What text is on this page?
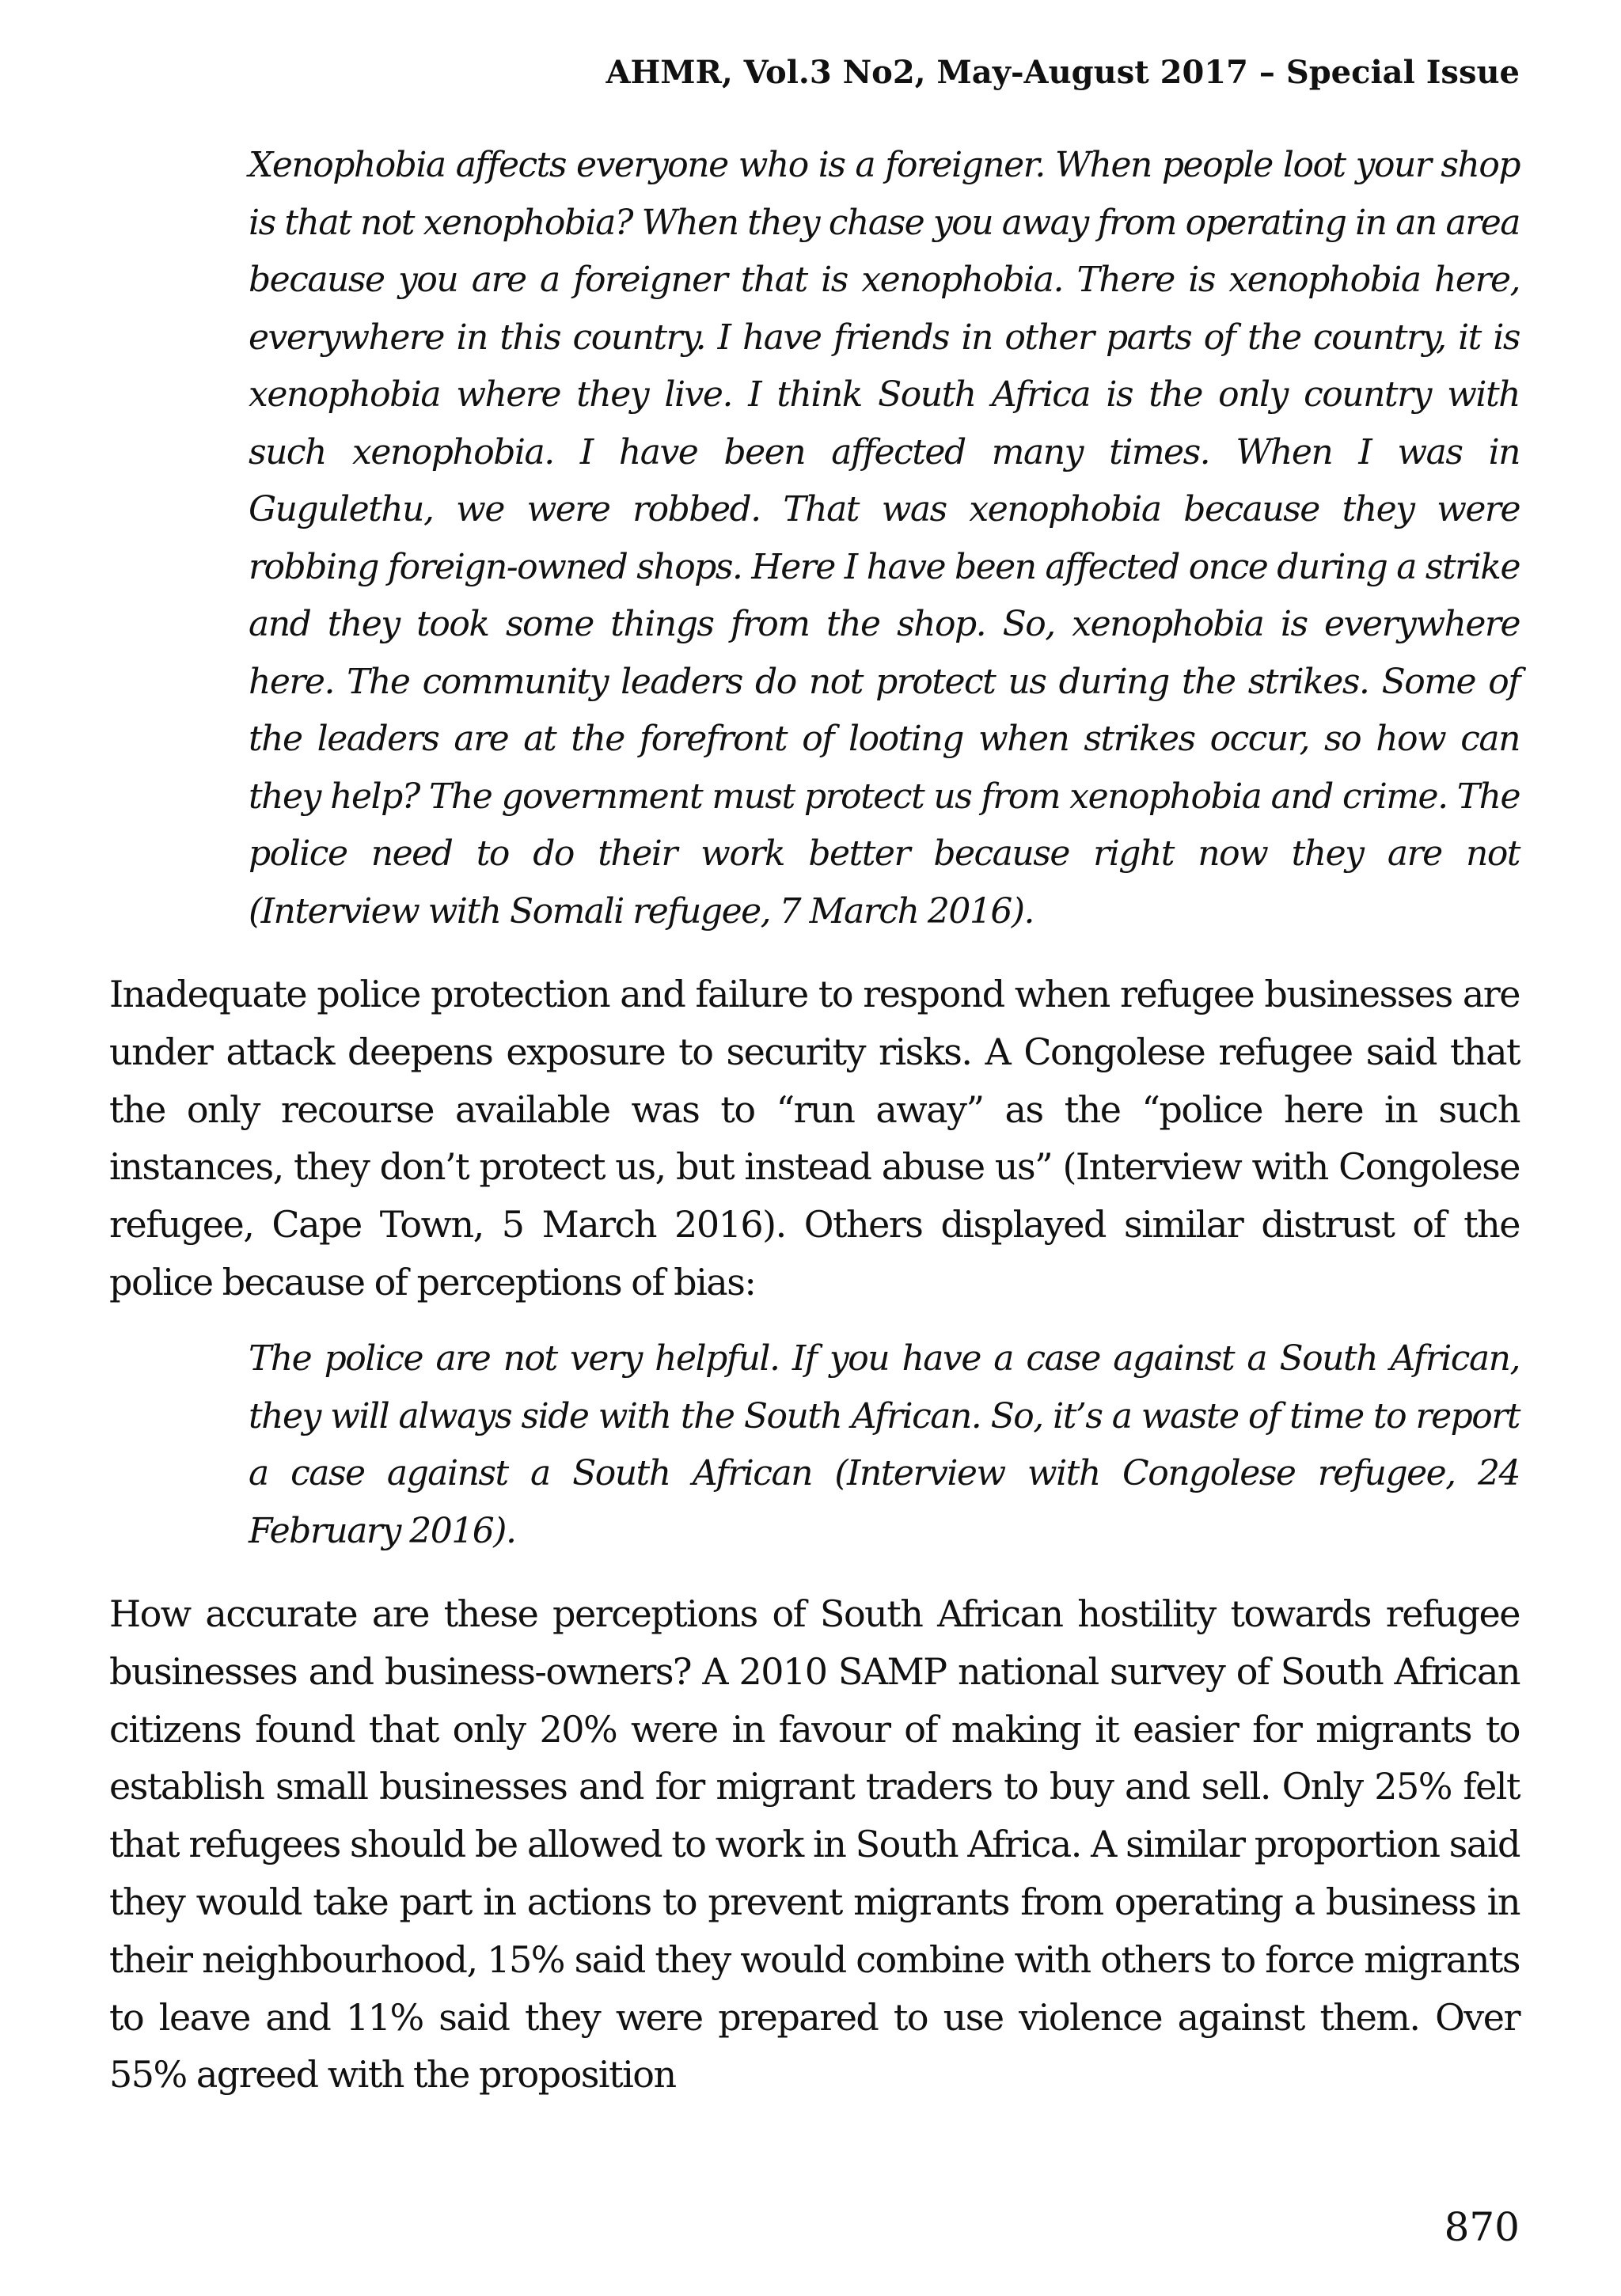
AHMR, Vol.3 No2, May-August 2017 – Special Issue

Xenophobia affects everyone who is a foreigner. When people loot your shop is that not xenophobia? When they chase you away from operating in an area because you are a foreigner that is xenophobia. There is xenophobia here, everywhere in this country. I have friends in other parts of the country, it is xenophobia where they live. I think South Africa is the only country with such xenophobia. I have been affected many times. When I was in Gugulethu, we were robbed. That was xenophobia because they were robbing foreign-owned shops. Here I have been affected once during a strike and they took some things from the shop. So, xenophobia is everywhere here. The community leaders do not protect us during the strikes. Some of the leaders are at the forefront of looting when strikes occur, so how can they help? The government must protect us from xenophobia and crime. The police need to do their work better because right now they are not (Interview with Somali refugee, 7 March 2016).

Inadequate police protection and failure to respond when refugee businesses are under attack deepens exposure to security risks. A Congolese refugee said that the only recourse available was to “run away” as the “police here in such instances, they don’t protect us, but instead abuse us” (Interview with Congolese refugee, Cape Town, 5 March 2016). Others displayed similar distrust of the police because of perceptions of bias:

The police are not very helpful. If you have a case against a South African, they will always side with the South African. So, it’s a waste of time to report a case against a South African (Interview with Congolese refugee, 24 February 2016).

How accurate are these perceptions of South African hostility towards refugee businesses and business-owners? A 2010 SAMP national survey of South African citizens found that only 20% were in favour of making it easier for migrants to establish small businesses and for migrant traders to buy and sell. Only 25% felt that refugees should be allowed to work in South Africa. A similar proportion said they would take part in actions to prevent migrants from operating a business in their neighbourhood, 15% said they would combine with others to force migrants to leave and 11% said they were prepared to use violence against them. Over 55% agreed with the proposition

870
